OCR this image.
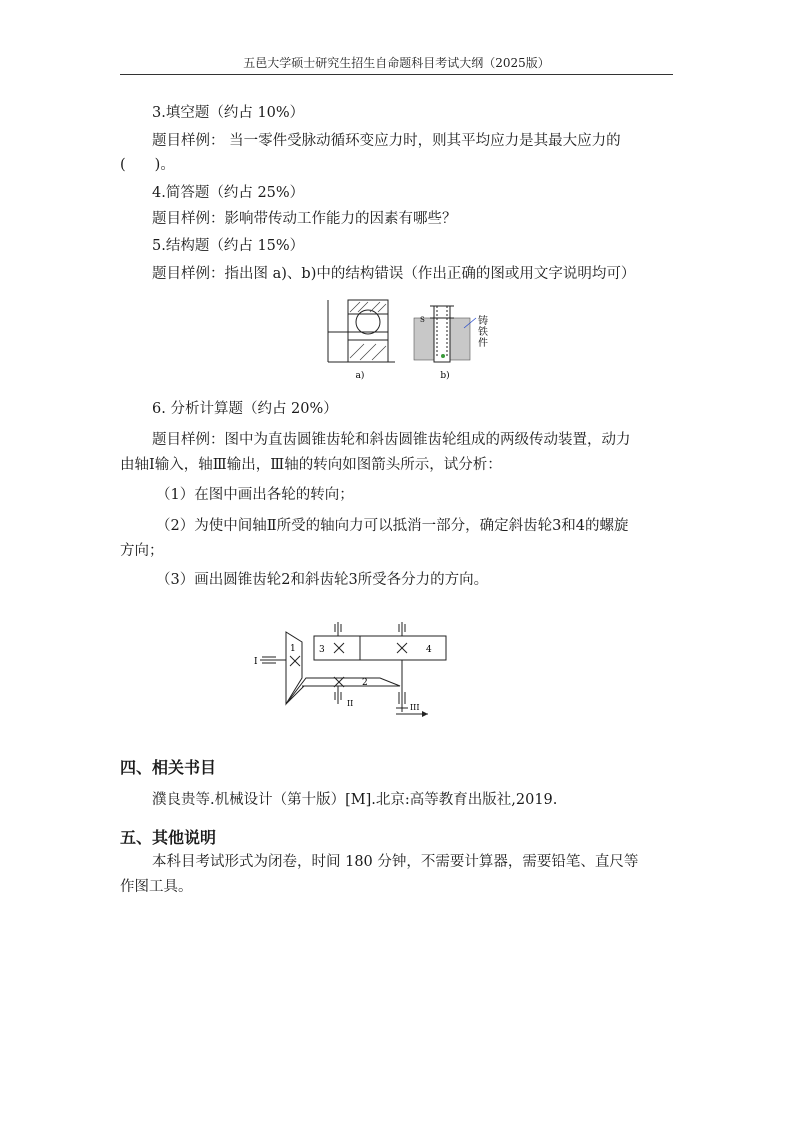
五邑大学硕士研究生招生自命题科目考试大纲（2025版）
3.填空题（约占 10%）
题目样例： 当一零件受脉动循环变应力时，则其平均应力是其最大应力的
(　　)。
4.简答题（约占 25%）
题目样例：影响带传动工作能力的因素有哪些？
5.结构题（约占 15%）
题目样例：指出图 a)、b)中的结构错误（作出正确的图或用文字说明均可）
a)
S	铸
铁
件
b)
6. 分析计算题（约占 20%）
题目样例：图中为直齿圆锥齿轮和斜齿圆锥齿轮组成的两级传动装置，动力
由轴Ⅰ输入，轴Ⅲ输出，Ⅲ轴的转向如图箭头所示，试分析：
（1）在图中画出各轮的转向；
（2）为使中间轴Ⅱ所受的轴向力可以抵消一部分，确定斜齿轮3和4的螺旋
方向；
（3）画出圆锥齿轮2和斜齿轮3所受各分力的方向。
I
1	3	4
2
II	III
四、相关书目
濮良贵等.机械设计（第十版）[M].北京:高等教育出版社,2019.
五、其他说明
本科目考试形式为闭卷，时间 180 分钟，不需要计算器，需要铅笔、直尺等
作图工具。
